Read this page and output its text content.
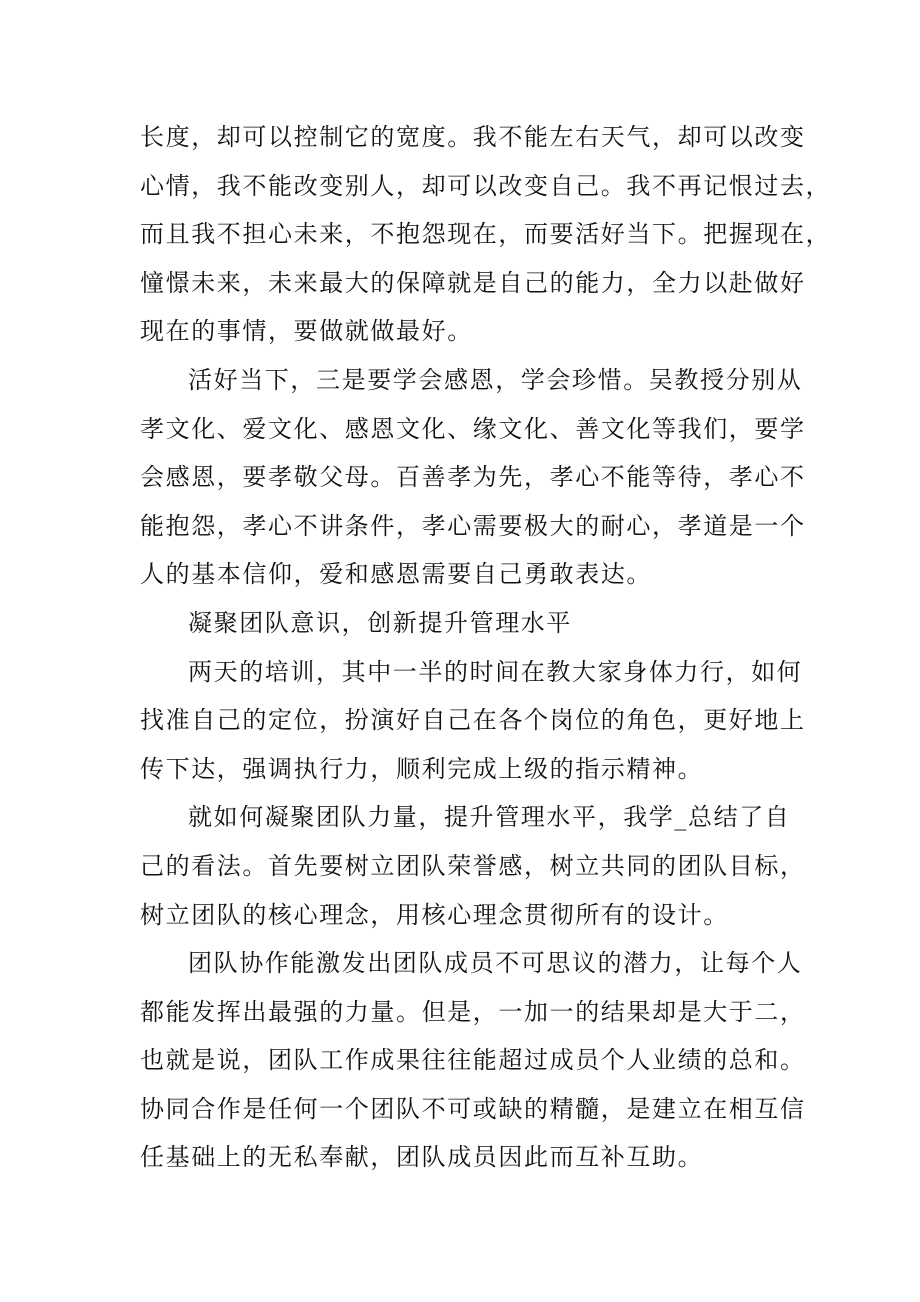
长度，却可以控制它的宽度。我不能左右天气，却可以改变
心情，我不能改变别人，却可以改变自己。我不再记恨过去，
而且我不担心未来，不抱怨现在，而要活好当下。把握现在，
憧憬未来，未来最大的保障就是自己的能力，全力以赴做好
现在的事情，要做就做最好。
活好当下，三是要学会感恩，学会珍惜。吴教授分别从
孝文化、爱文化、感恩文化、缘文化、善文化等我们，要学
会感恩，要孝敬父母。百善孝为先，孝心不能等待，孝心不
能抱怨，孝心不讲条件，孝心需要极大的耐心，孝道是一个
人的基本信仰，爱和感恩需要自己勇敢表达。
凝聚团队意识，创新提升管理水平
两天的培训，其中一半的时间在教大家身体力行，如何
找准自己的定位，扮演好自己在各个岗位的角色，更好地上
传下达，强调执行力，顺利完成上级的指示精神。
就如何凝聚团队力量，提升管理水平，我学_总结了自
己的看法。首先要树立团队荣誉感，树立共同的团队目标，
树立团队的核心理念，用核心理念贯彻所有的设计。
团队协作能激发出团队成员不可思议的潜力，让每个人
都能发挥出最强的力量。但是，一加一的结果却是大于二，
也就是说，团队工作成果往往能超过成员个人业绩的总和。
协同合作是任何一个团队不可或缺的精髓，是建立在相互信
任基础上的无私奉献，团队成员因此而互补互助。
